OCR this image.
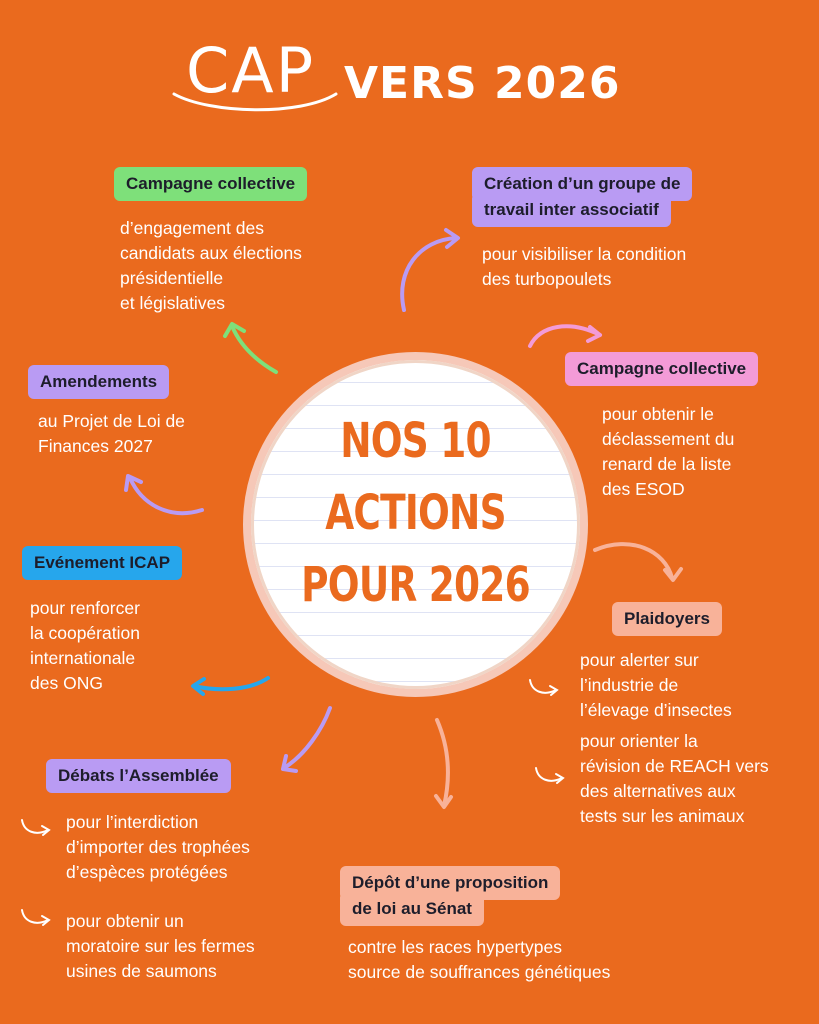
CAP VERS 2026
NOS 10
ACTIONS
POUR 2026
Campagne collective
d’engagement des
candidats aux élections
présidentielle
et législatives
Création d’un groupe de
travail inter associatif
pour visibiliser la condition
des turbopoulets
Campagne collective
pour obtenir le
déclassement du
renard de la liste
des ESOD
Amendements
au Projet de Loi de
Finances 2027
Evénement ICAP
pour renforcer
la coopération
internationale
des ONG
Plaidoyers
pour alerter sur
l’industrie de
l’élevage d’insectes
pour orienter la
révision de REACH vers
des alternatives aux
tests sur les animaux
Débats l’Assemblée
pour l’interdiction
d’importer des trophées
d’espèces protégées
pour obtenir un
moratoire sur les fermes
usines de saumons
Dépôt d’une proposition
de loi au Sénat
contre les races hypertypes
source de souffrances génétiques
